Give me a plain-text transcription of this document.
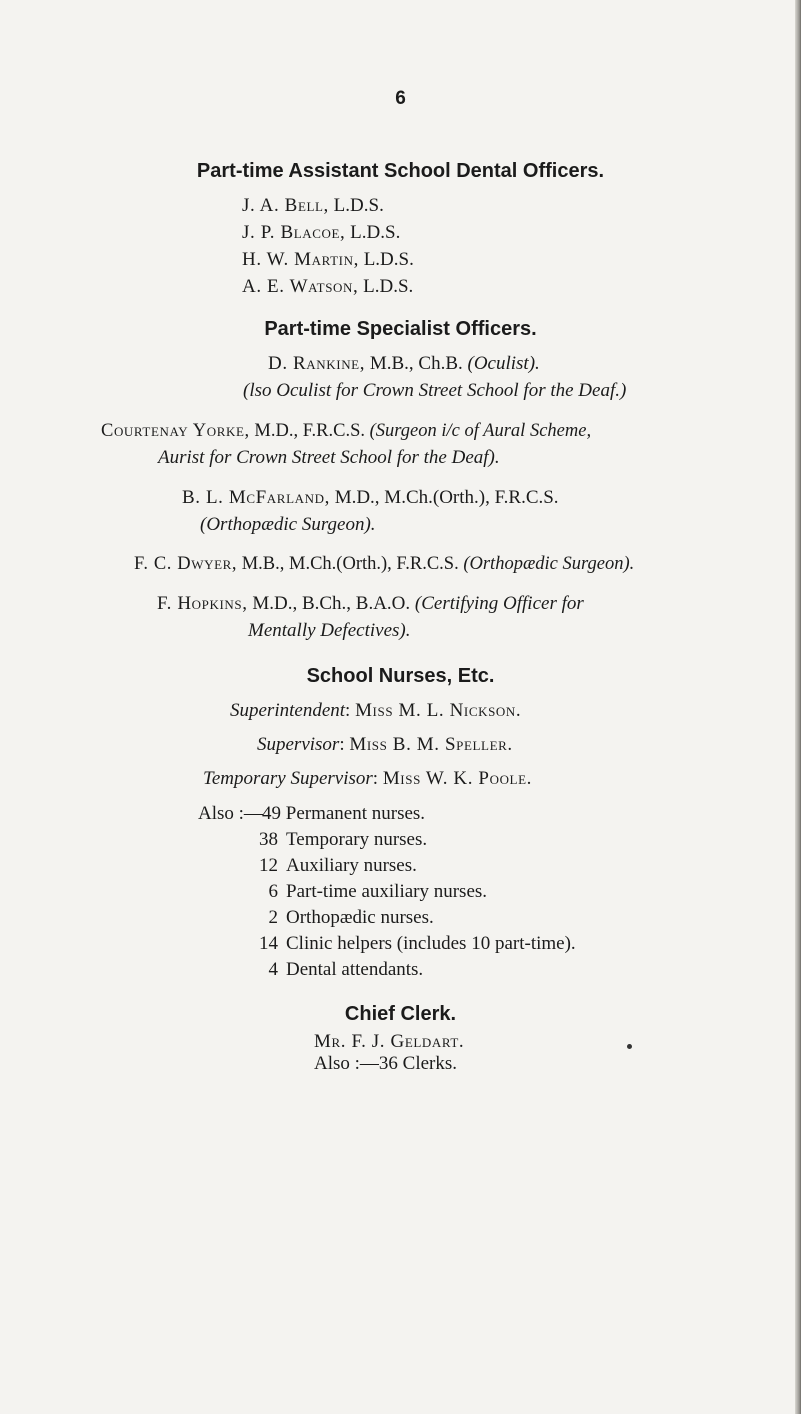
6
Part-time Assistant School Dental Officers.
J. A. Bell, L.D.S.
J. P. Blacoe, L.D.S.
H. W. Martin, L.D.S.
A. E. Watson, L.D.S.
Part-time Specialist Officers.
D. Rankine, M.B., Ch.B. (Oculist).
(lso Oculist for Crown Street School for the Deaf.)
Courtenay Yorke, M.D., F.R.C.S. (Surgeon i/c of Aural Scheme,
Aurist for Crown Street School for the Deaf).
B. L. McFarland, M.D., M.Ch.(Orth.), F.R.C.S.
(Orthopædic Surgeon).
F. C. Dwyer, M.B., M.Ch.(Orth.), F.R.C.S. (Orthopædic Surgeon).
F. Hopkins, M.D., B.Ch., B.A.O. (Certifying Officer for
Mentally Defectives).
School Nurses, Etc.
Superintendent: Miss M. L. Nickson.
Supervisor: Miss B. M. Speller.
Temporary Supervisor: Miss W. K. Poole.
Also :— 49 Permanent nurses.
38 Temporary nurses.
12 Auxiliary nurses.
6 Part-time auxiliary nurses.
2 Orthopædic nurses.
14 Clinic helpers (includes 10 part-time).
4 Dental attendants.
Chief Clerk.
Mr. F. J. Geldart.
Also :—36 Clerks.
